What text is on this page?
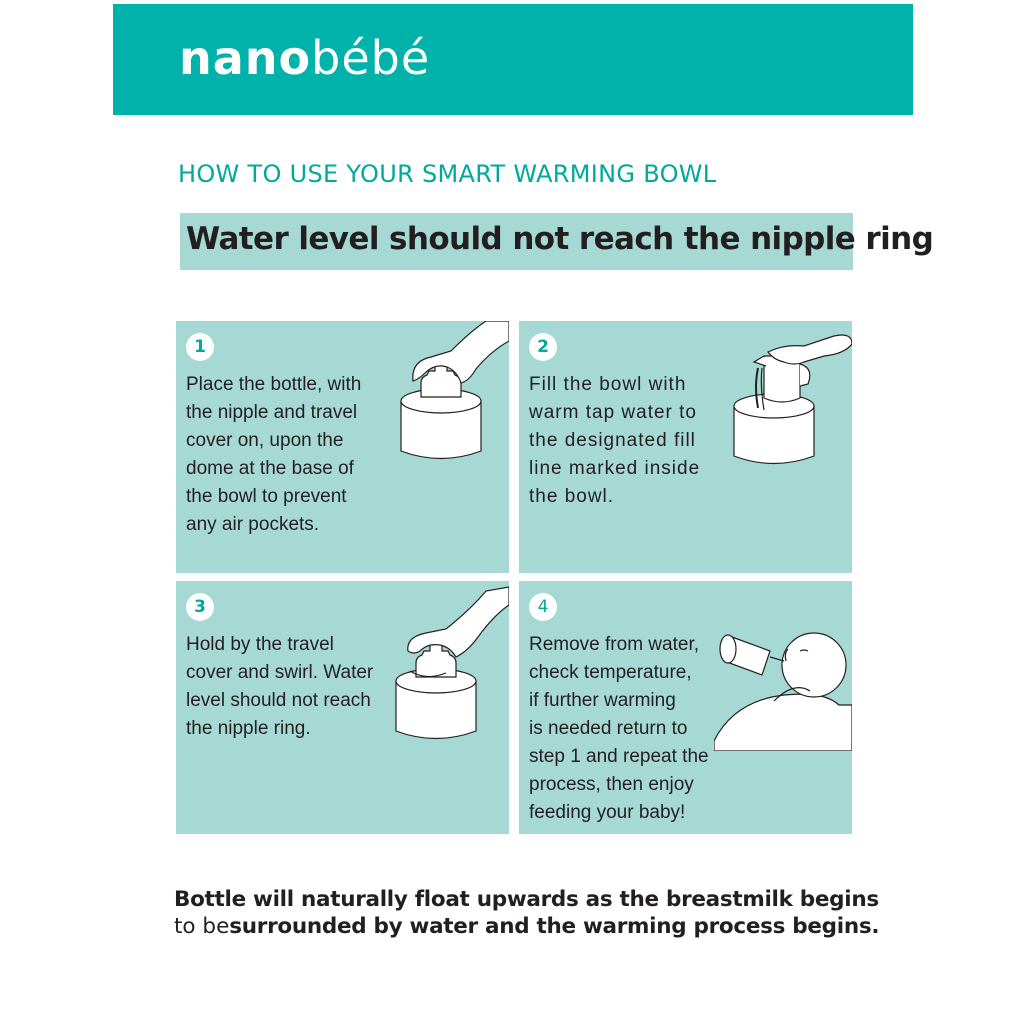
nanobébé
HOW TO USE YOUR SMART WARMING BOWL
Water level should not reach the nipple ring
1
Place the bottle, with
the nipple and travel
cover on, upon the
dome at the base of
the bowl to prevent
any air pockets.
2
Fill the bowl with
warm tap water to
the designated fill
line marked inside
the bowl.
3
Hold by the travel
cover and swirl. Water
level should not reach
the nipple ring.
4
Remove from water,
check temperature,
if further warming
is needed return to
step 1 and repeat the
process, then enjoy
feeding your baby!
Bottle will naturally float upwards as the breastmilk begins
to besurrounded by water and the warming process begins.
